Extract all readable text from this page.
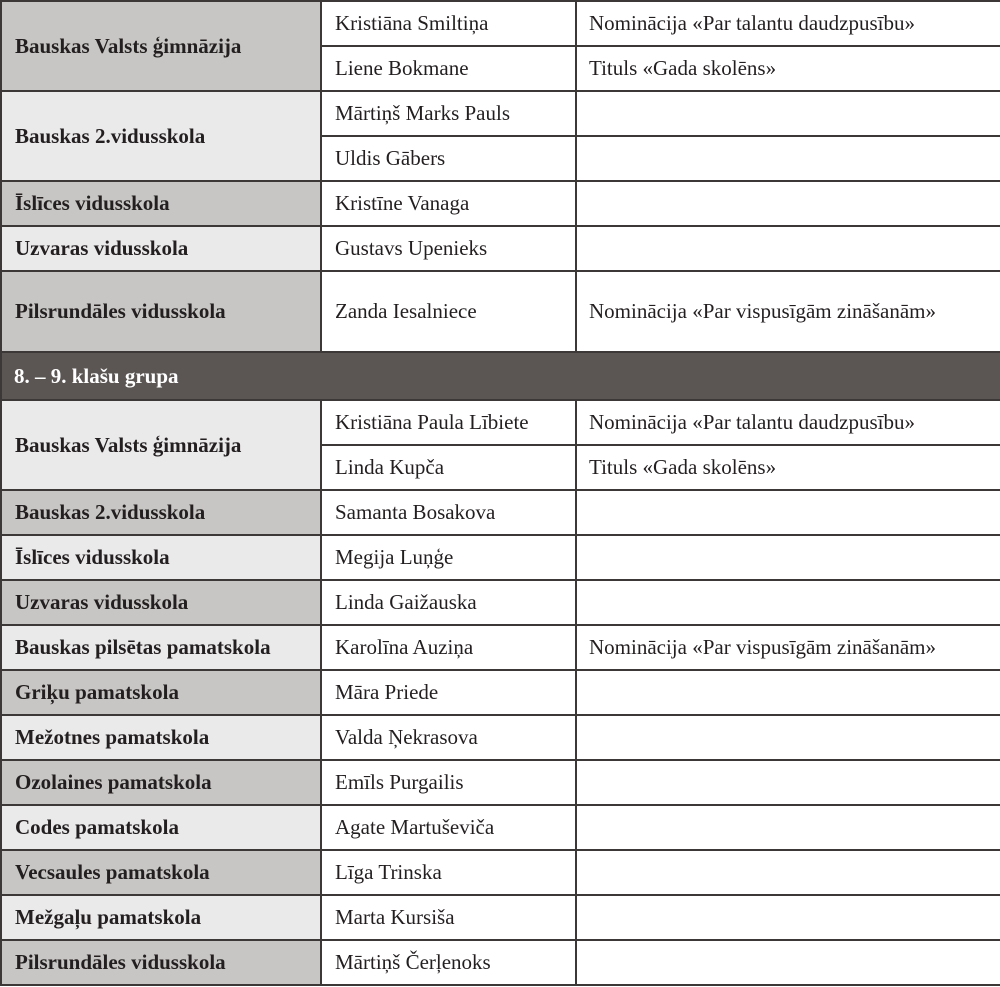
Bauskas Valsts ģimnāzija	Kristiāna Smiltiņa	Nominācija «Par talantu daudzpusību»
	Liene Bokmane	Tituls «Gada skolēns»
Bauskas 2.vidusskola	Mārtiņš Marks Pauls	
	Uldis Gābers	
Īslīces vidusskola	Kristīne Vanaga	
Uzvaras vidusskola	Gustavs Upenieks	
Pilsrundāles vidusskola	Zanda Iesalniece	Nominācija «Par vispusīgām zināšanām»
8. – 9. klašu grupa		
Bauskas Valsts ģimnāzija	Kristiāna Paula Lībiete	Nominācija «Par talantu daudzpusību»
	Linda Kupča	Tituls «Gada skolēns»
Bauskas 2.vidusskola	Samanta Bosakova	
Īslīces vidusskola	Megija Luņģe	
Uzvaras vidusskola	Linda Gaižauska	
Bauskas pilsētas pamatskola	Karolīna Auziņa	Nominācija «Par vispusīgām zināšanām»
Griķu pamatskola	Māra Priede	
Mežotnes pamatskola	Valda Ņekrasova	
Ozolaines pamatskola	Emīls Purgailis	
Codes pamatskola	Agate Martuševiča	
Vecsaules pamatskola	Līga Trinska	
Mežgaļu pamatskola	Marta Kursiša	
Pilsrundāles vidusskola	Mārtiņš Čerļenoks	
